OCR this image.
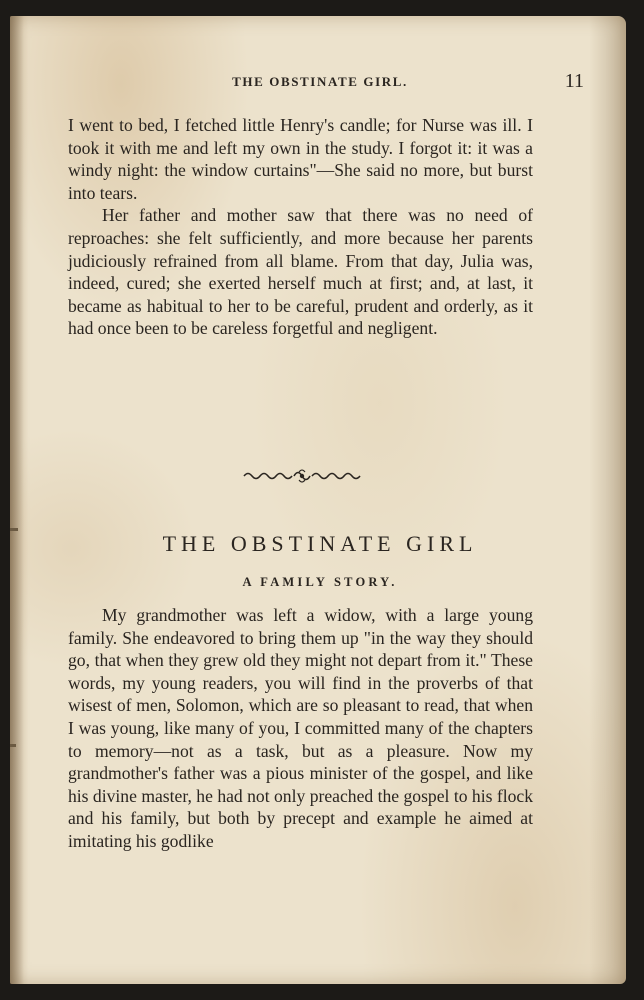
THE OBSTINATE GIRL.	11

I went to bed, I fetched little Henry's candle; for Nurse was ill. I took it with me and left my own in the study. I forgot it: it was a windy night: the window curtains"—She said no more, but burst into tears.

Her father and mother saw that there was no need of reproaches: she felt sufficiently, and more because her parents judiciously refrained from all blame. From that day, Julia was, indeed, cured; she exerted herself much at first; and, at last, it became as habitual to her to be careful, prudent and orderly, as it had once been to be careless forgetful and negligent.

THE OBSTINATE GIRL
A FAMILY STORY.

My grandmother was left a widow, with a large young family. She endeavored to bring them up "in the way they should go, that when they grew old they might not depart from it." These words, my young readers, you will find in the proverbs of that wisest of men, Solomon, which are so pleasant to read, that when I was young, like many of you, I committed many of the chapters to memory—not as a task, but as a pleasure. Now my grandmother's father was a pious minister of the gospel, and like his divine master, he had not only preached the gospel to his flock and his family, but both by precept and example he aimed at imitating his godlike
